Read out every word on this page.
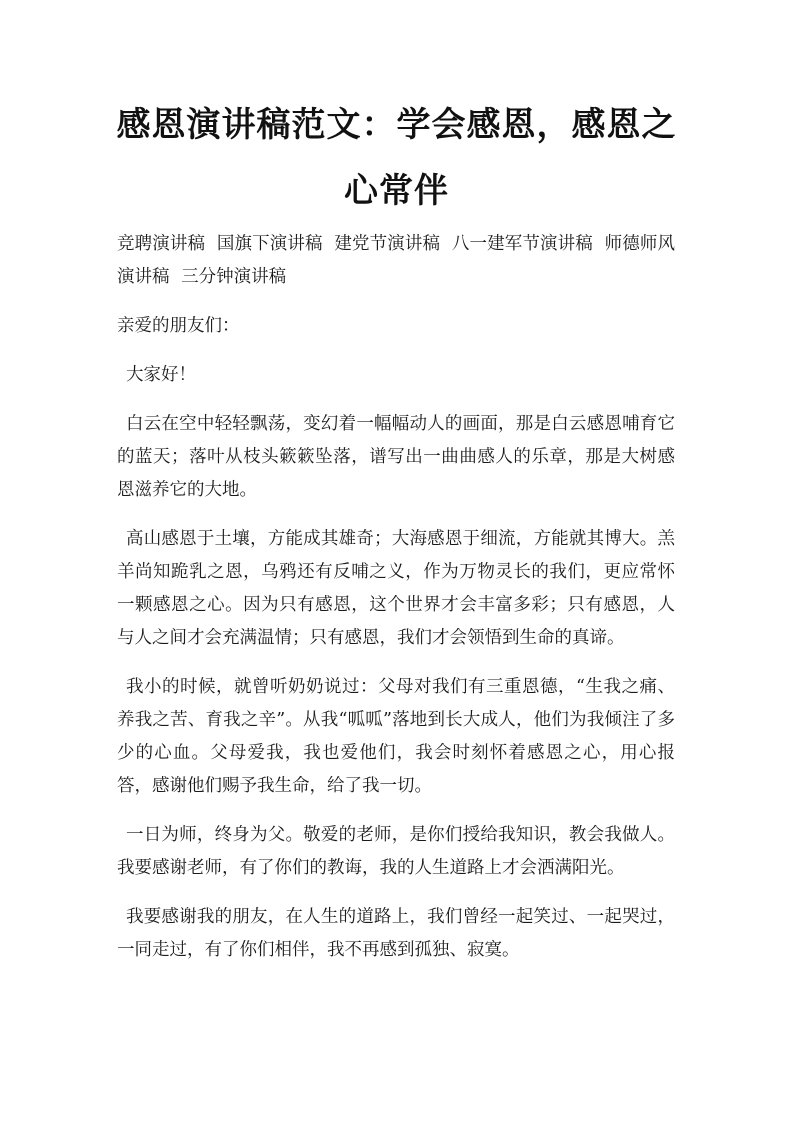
感恩演讲稿范文：学会感恩，感恩之心常伴

竞聘演讲稿 国旗下演讲稿 建党节演讲稿 八一建军节演讲稿 师德师风演讲稿 三分钟演讲稿

亲爱的朋友们：

大家好！

白云在空中轻轻飘荡，变幻着一幅幅动人的画面，那是白云感恩哺育它的蓝天；落叶从枝头簌簌坠落，谱写出一曲曲感人的乐章，那是大树感恩滋养它的大地。

高山感恩于土壤，方能成其雄奇；大海感恩于细流，方能就其博大。羔羊尚知跪乳之恩，乌鸦还有反哺之义，作为万物灵长的我们，更应常怀一颗感恩之心。因为只有感恩，这个世界才会丰富多彩；只有感恩，人与人之间才会充满温情；只有感恩，我们才会领悟到生命的真谛。

我小的时候，就曾听奶奶说过：父母对我们有三重恩德，“生我之痛、养我之苦、育我之辛”。从我“呱呱”落地到长大成人，他们为我倾注了多少的心血。父母爱我，我也爱他们，我会时刻怀着感恩之心，用心报答，感谢他们赐予我生命，给了我一切。

一日为师，终身为父。敬爱的老师，是你们授给我知识，教会我做人。我要感谢老师，有了你们的教诲，我的人生道路上才会洒满阳光。

我要感谢我的朋友，在人生的道路上，我们曾经一起笑过、一起哭过，一同走过，有了你们相伴，我不再感到孤独、寂寞。
